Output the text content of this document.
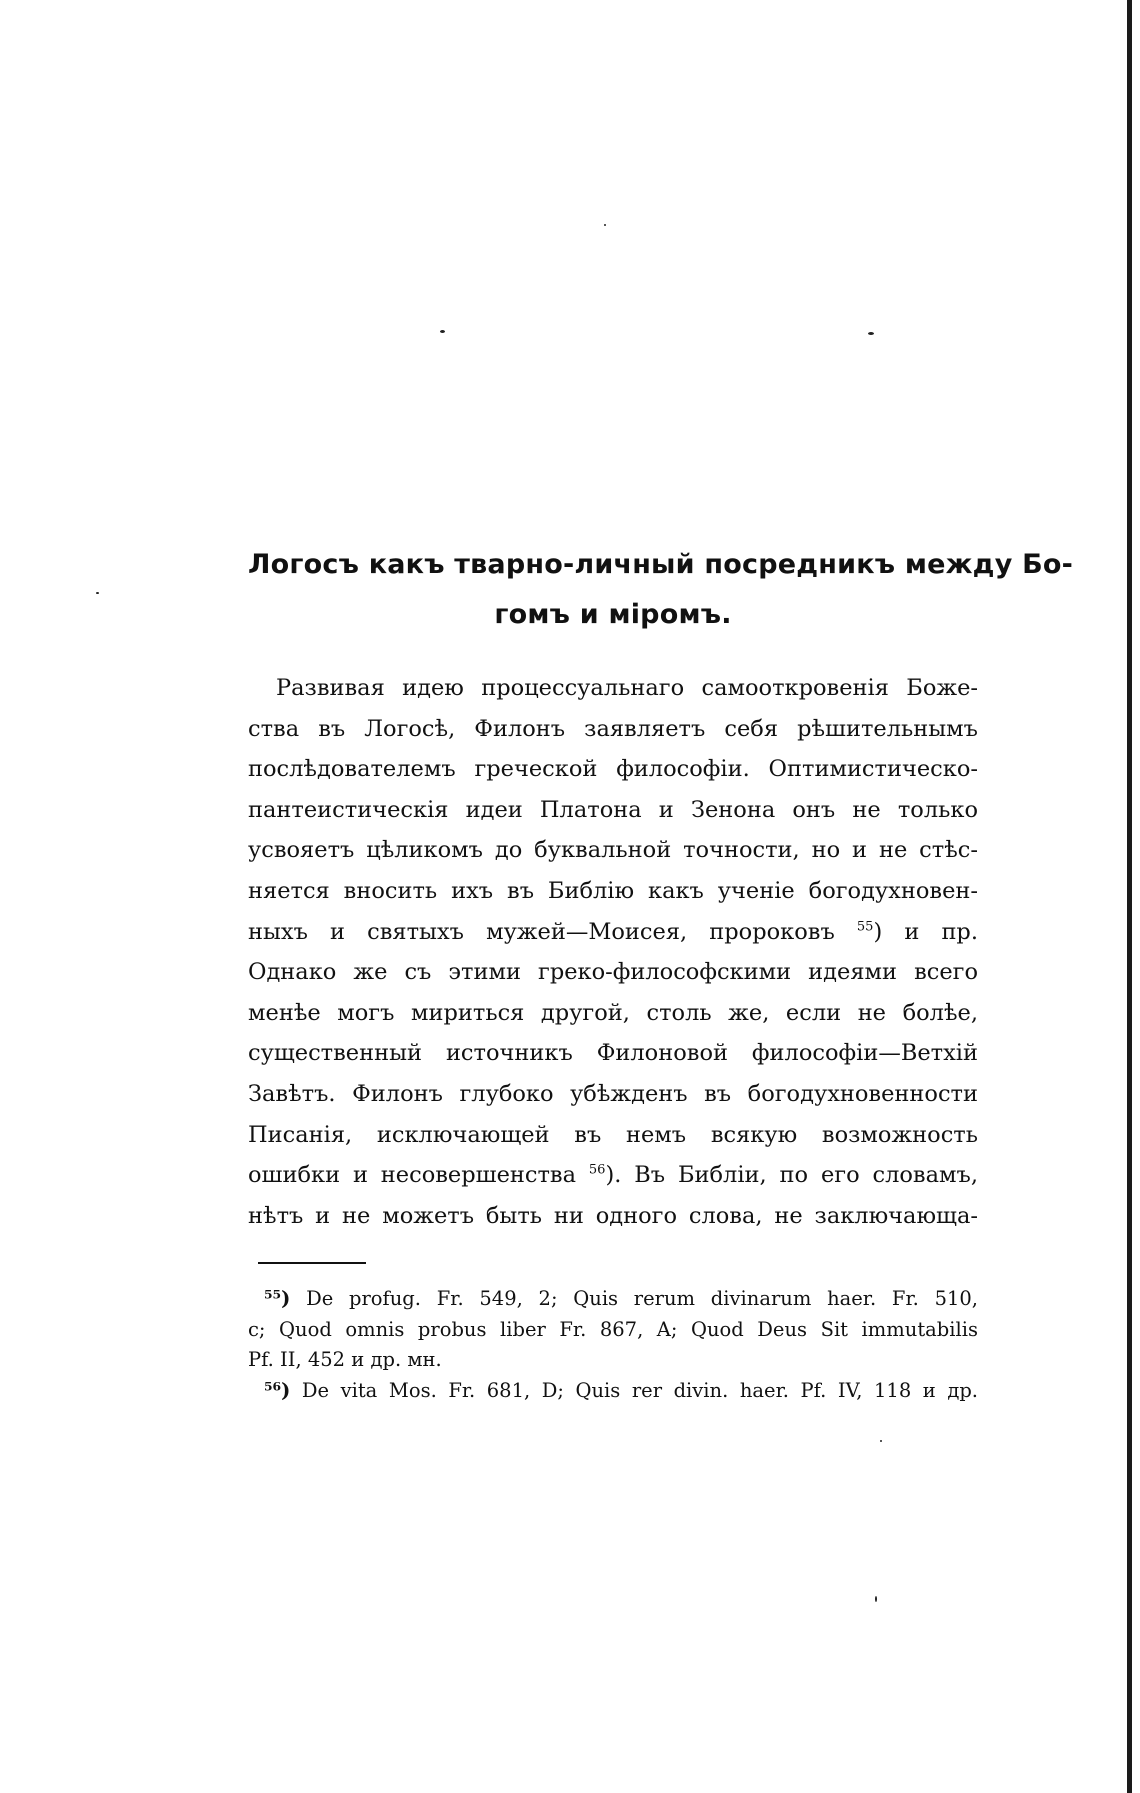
Логосъ какъ тварно-личный посредникъ между Бо-
гомъ и міромъ.
Развивая идею процессуальнаго самооткровенія Боже-
ства въ Логосѣ, Филонъ заявляетъ себя рѣшительнымъ
послѣдователемъ греческой философіи. Оптимистическо-
пантеистическія идеи Платона и Зенона онъ не только
усвояетъ цѣликомъ до буквальной точности, но и не стѣс-
няется вносить ихъ въ Библію какъ ученіе богодухновен-
ныхъ и святыхъ мужей—Моисея, пророковъ $^{55}$) и пр.
Однако же съ этими греко-философскими идеями всего
менѣе могъ мириться другой, столь же, если не болѣе,
существенный источникъ Филоновой философіи—Ветхій
Завѣтъ. Филонъ глубоко убѣжденъ въ богодухновенности
Писанія, исключающей въ немъ всякую возможность
ошибки и несовершенства $^{56}$). Въ Библіи, по его словамъ,
нѣтъ и не можетъ быть ни одного слова, не заключающа-
⁵⁵) De profug. Fr. 549, 2; Quis rerum divinarum haer. Fr. 510,
c; Quod omnis probus liber Fr. 867, A; Quod Deus Sit immutabilis
Pf. II, 452 и др. мн.
⁵⁶) De vita Mos. Fr. 681, D; Quis rer divin. haer. Pf. IV, 118 и др.
